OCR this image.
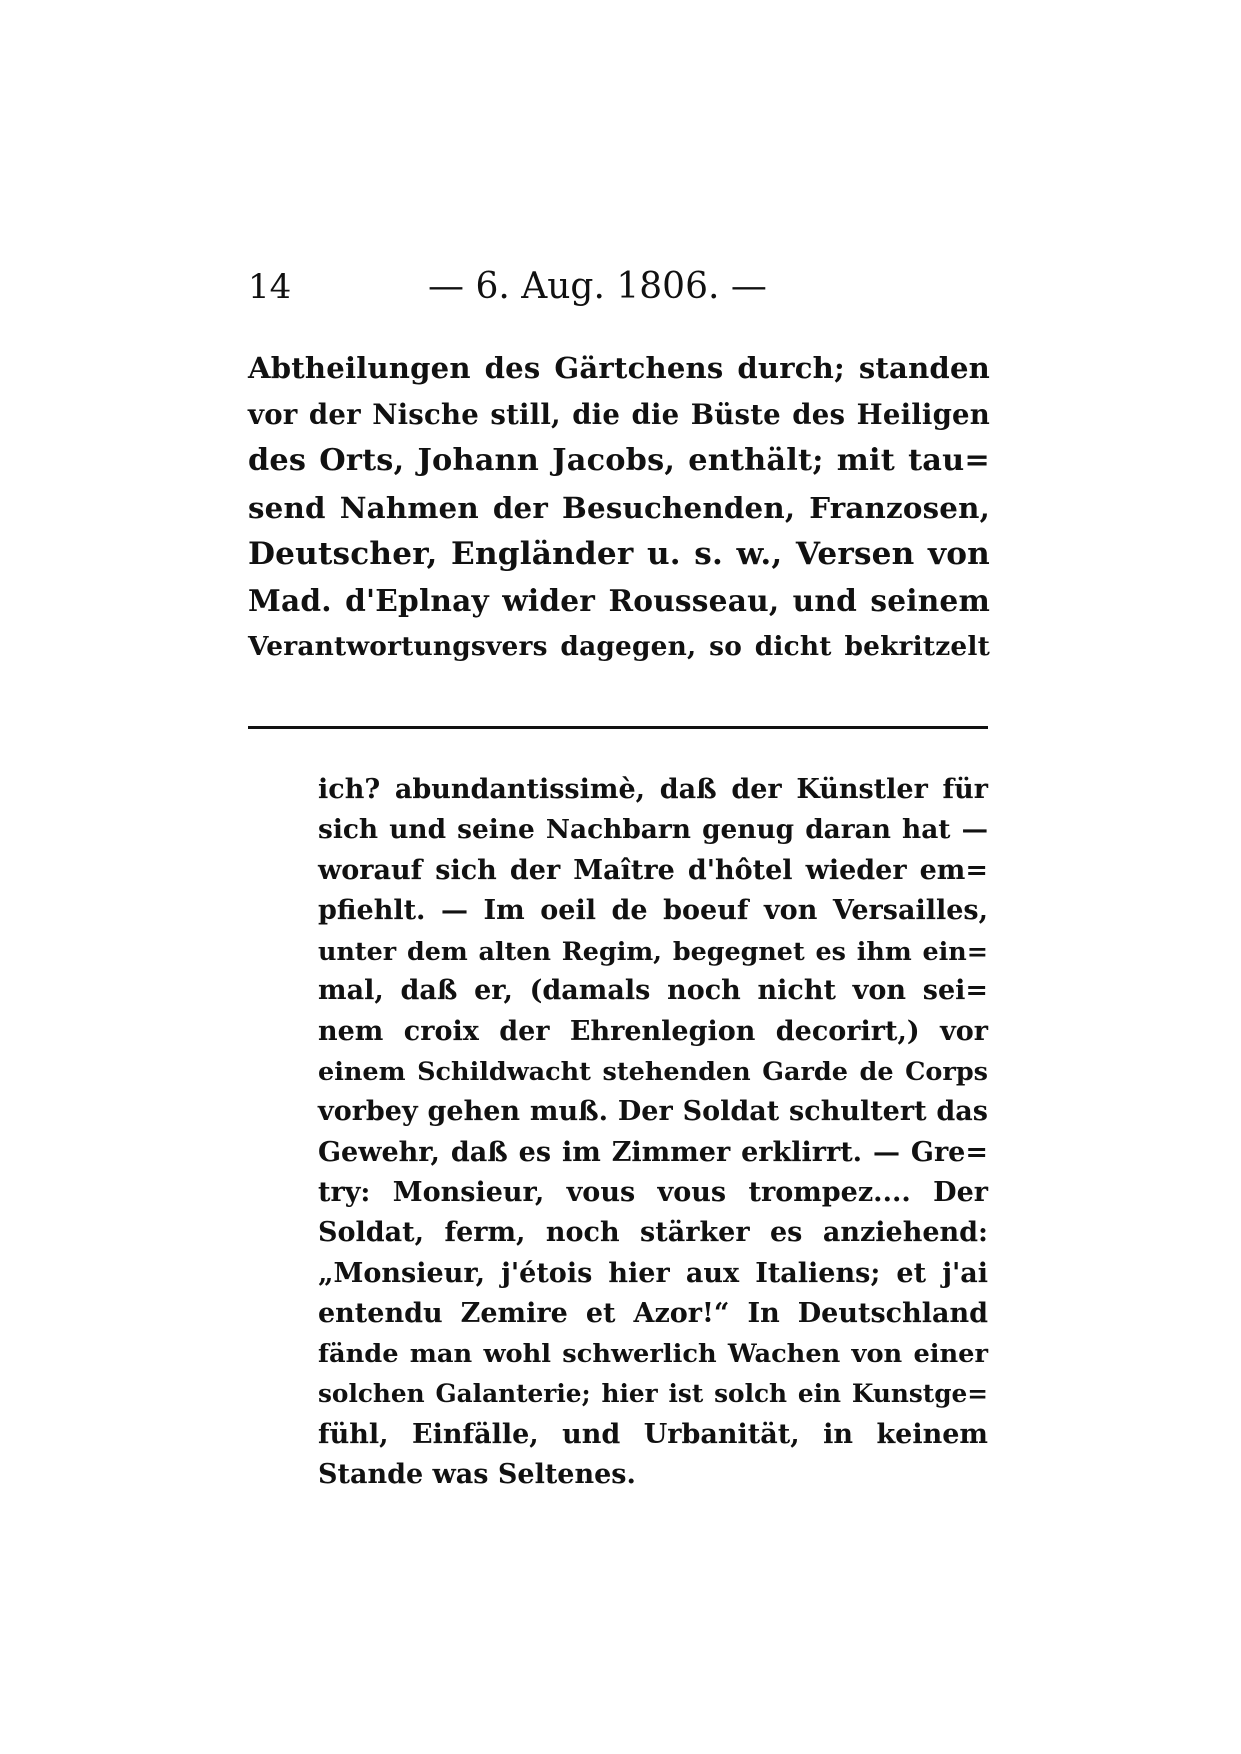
14	— 6. Aug. 1806. —
Abtheilungen des Gärtchens durch; standen
vor der Nische still, die die Büste des Heiligen
des Orts, Johann Jacobs, enthält; mit tau=
send Nahmen der Besuchenden, Franzosen,
Deutscher, Engländer u. s. w., Versen von
Mad. d'Eplnay wider Rousseau, und seinem
Verantwortungsvers dagegen, so dicht bekritzelt
ich? abundantissimè, daß der Künstler für
sich und seine Nachbarn genug daran hat —
worauf sich der Maître d'hôtel wieder em=
pfiehlt. — Im oeil de boeuf von Versailles,
unter dem alten Regim, begegnet es ihm ein=
mal, daß er, (damals noch nicht von sei=
nem croix der Ehrenlegion decorirt,) vor
einem Schildwacht stehenden Garde de Corps
vorbey gehen muß. Der Soldat schultert das
Gewehr, daß es im Zimmer erklirrt. — Gre=
try: Monsieur, vous vous trompez.... Der
Soldat, ferm, noch stärker es anziehend:
„Monsieur, j'étois hier aux Italiens; et j'ai
entendu Zemire et Azor!“ In Deutschland
fände man wohl schwerlich Wachen von einer
solchen Galanterie; hier ist solch ein Kunstge=
fühl, Einfälle, und Urbanität, in keinem
Stande was Seltenes.
